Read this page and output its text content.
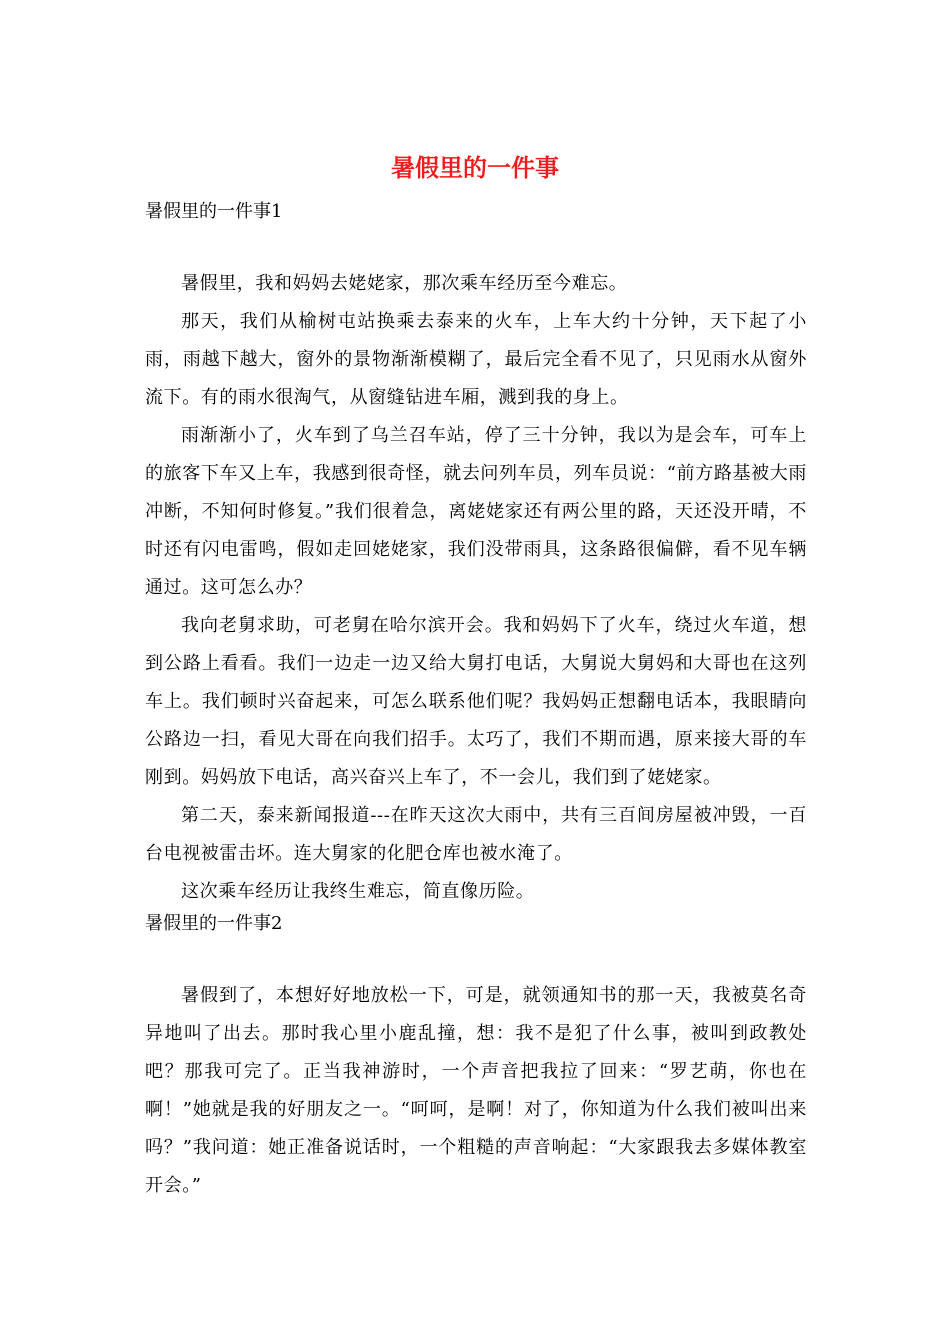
暑假里的一件事
暑假里的一件事1

暑假里，我和妈妈去姥姥家，那次乘车经历至今难忘。

那天，我们从榆树屯站换乘去泰来的火车，上车大约十分钟，天下起了小雨，雨越下越大，窗外的景物渐渐模糊了，最后完全看不见了，只见雨水从窗外流下。有的雨水很淘气，从窗缝钻进车厢，溅到我的身上。

雨渐渐小了，火车到了乌兰召车站，停了三十分钟，我以为是会车，可车上的旅客下车又上车，我感到很奇怪，就去问列车员，列车员说：“前方路基被大雨冲断，不知何时修复。”我们很着急，离姥姥家还有两公里的路，天还没开晴，不时还有闪电雷鸣，假如走回姥姥家，我们没带雨具，这条路很偏僻，看不见车辆通过。这可怎么办？

我向老舅求助，可老舅在哈尔滨开会。我和妈妈下了火车，绕过火车道，想到公路上看看。我们一边走一边又给大舅打电话，大舅说大舅妈和大哥也在这列车上。我们顿时兴奋起来，可怎么联系他们呢？我妈妈正想翻电话本，我眼睛向公路边一扫，看见大哥在向我们招手。太巧了，我们不期而遇，原来接大哥的车刚到。妈妈放下电话，高兴奋兴上车了，不一会儿，我们到了姥姥家。

第二天，泰来新闻报道---在昨天这次大雨中，共有三百间房屋被冲毁，一百台电视被雷击坏。连大舅家的化肥仓库也被水淹了。

这次乘车经历让我终生难忘，简直像历险。

暑假里的一件事2

暑假到了，本想好好地放松一下，可是，就领通知书的那一天，我被莫名奇异地叫了出去。那时我心里小鹿乱撞，想：我不是犯了什么事，被叫到政教处吧？那我可完了。正当我神游时，一个声音把我拉了回来：“罗艺萌，你也在啊！”她就是我的好朋友之一。“呵呵，是啊！对了，你知道为什么我们被叫出来吗？”我问道：她正准备说话时，一个粗糙的声音响起：“大家跟我去多媒体教室开会。”
